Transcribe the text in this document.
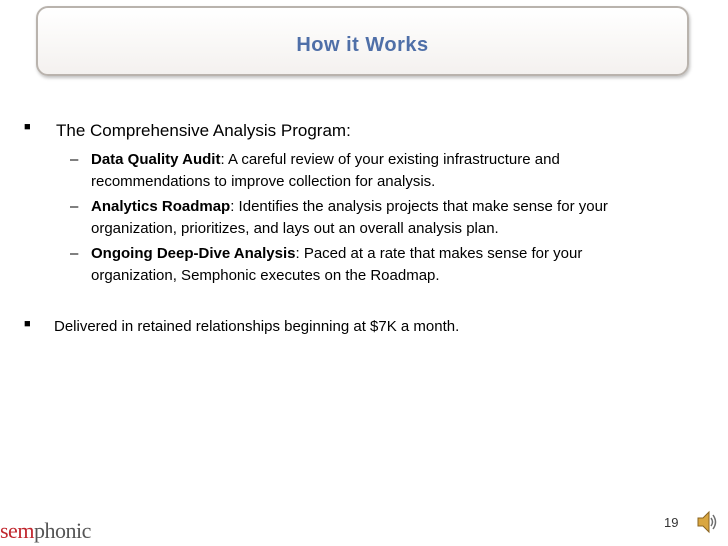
How it Works
■ The Comprehensive Analysis Program:
– Data Quality Audit: A careful review of your existing infrastructure and recommendations to improve collection for analysis.
– Analytics Roadmap: Identifies the analysis projects that make sense for your organization, prioritizes, and lays out an overall analysis plan.
– Ongoing Deep-Dive Analysis: Paced at a rate that makes sense for your organization, Semphonic executes on the Roadmap.
■ Delivered in retained relationships beginning at $7K a month.
semphonic	19
